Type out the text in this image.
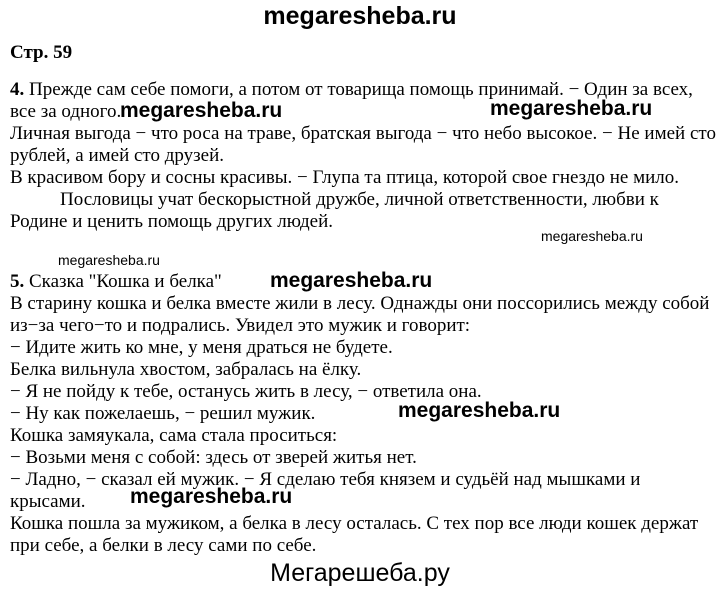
megaresheba.ru
Стр. 59
4. Прежде сам себе помоги, а потом от товарища помощь принимай. − Один за всех,
все за одного.
Личная выгода − что роса на траве, братская выгода − что небо высокое. − Не имей сто
рублей, а имей сто друзей.
В красивом бору и сосны красивы. − Глупа та птица, которой свое гнездо не мило.
Пословицы учат бескорыстной дружбе, личной ответственности, любви к
Родине и ценить помощь других людей.
5. Сказка "Кошка и белка"
В старину кошка и белка вместе жили в лесу. Однажды они поссорились между собой
из−за чего−то и подрались. Увидел это мужик и говорит:
− Идите жить ко мне, у меня драться не будете.
Белка вильнула хвостом, забралась на ёлку.
− Я не пойду к тебе, останусь жить в лесу, − ответила она.
− Ну как пожелаешь, − решил мужик.
Кошка замяукала, сама стала проситься:
− Возьми меня с собой: здесь от зверей житья нет.
− Ладно, − сказал ей мужик. − Я сделаю тебя князем и судьёй над мышками и
крысами.
Кошка пошла за мужиком, а белка в лесу осталась. С тех пор все люди кошек держат
при себе, а белки в лесу сами по себе.
megaresheba.ru	megaresheba.ru
megaresheba.ru
megaresheba.ru
megaresheba.ru
megaresheba.ru
megaresheba.ru
Мегарешеба.ру
